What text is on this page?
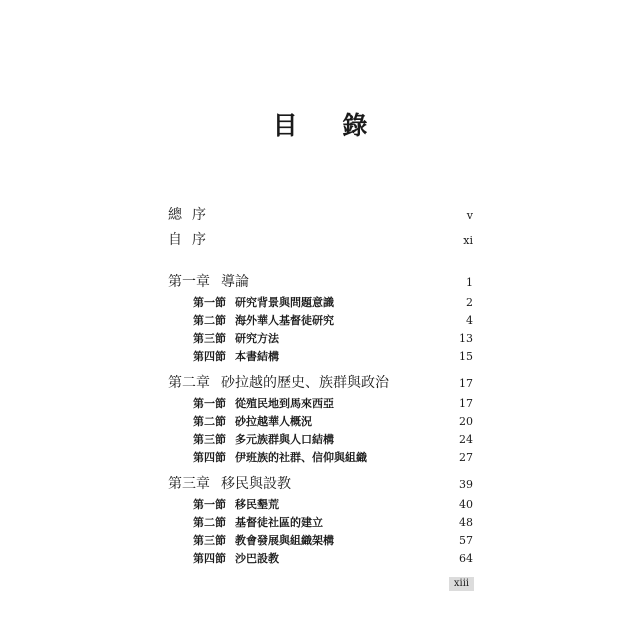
目 錄
總序	v
自序	xi
第一章 導論	1
第一節 研究背景與問題意識	2
第二節 海外華人基督徒研究	4
第三節 研究方法	13
第四節 本書結構	15
第二章 砂拉越的歷史、族群與政治	17
第一節 從殖民地到馬來西亞	17
第二節 砂拉越華人概況	20
第三節 多元族群與人口結構	24
第四節 伊班族的社群、信仰與組織	27
第三章 移民與設教	39
第一節 移民墾荒	40
第二節 基督徒社區的建立	48
第三節 教會發展與組織架構	57
第四節 沙巴設教	64
xiii
